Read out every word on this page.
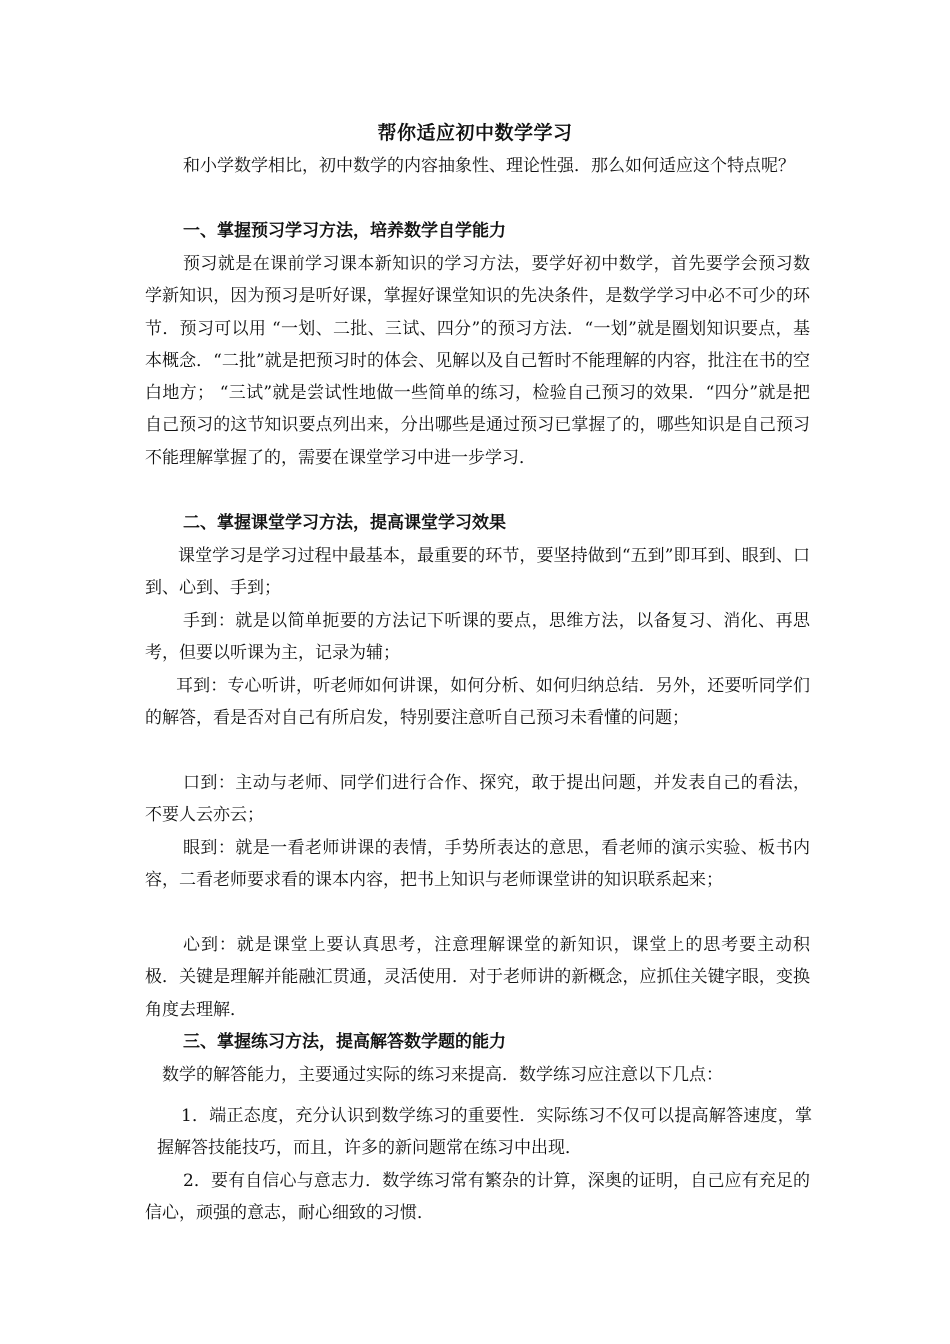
帮你适应初中数学学习

和小学数学相比，初中数学的内容抽象性、理论性强．那么如何适应这个特点呢？

一、掌握预习学习方法，培养数学自学能力

预习就是在课前学习课本新知识的学习方法，要学好初中数学，首先要学会预习数学新知识，因为预习是听好课，掌握好课堂知识的先决条件，是数学学习中必不可少的环节．预习可以用 “一划、二批、三试、四分”的预习方法．“一划”就是圈划知识要点，基本概念．“二批”就是把预习时的体会、见解以及自己暂时不能理解的内容，批注在书的空白地方； “三试”就是尝试性地做一些简单的练习，检验自己预习的效果．“四分”就是把自己预习的这节知识要点列出来，分出哪些是通过预习已掌握了的，哪些知识是自己预习不能理解掌握了的，需要在课堂学习中进一步学习．

二、掌握课堂学习方法，提高课堂学习效果

课堂学习是学习过程中最基本，最重要的环节，要坚持做到“五到”即耳到、眼到、口到、心到、手到；

手到：就是以简单扼要的方法记下听课的要点，思维方法，以备复习、消化、再思考，但要以听课为主，记录为辅；

耳到：专心听讲，听老师如何讲课，如何分析、如何归纳总结．另外，还要听同学们的解答，看是否对自己有所启发，特别要注意听自己预习未看懂的问题；

口到：主动与老师、同学们进行合作、探究，敢于提出问题，并发表自己的看法，不要人云亦云；

眼到：就是一看老师讲课的表情，手势所表达的意思，看老师的演示实验、板书内容，二看老师要求看的课本内容，把书上知识与老师课堂讲的知识联系起来；

心到：就是课堂上要认真思考，注意理解课堂的新知识，课堂上的思考要主动积极．关键是理解并能融汇贯通，灵活使用．对于老师讲的新概念，应抓住关键字眼，变换角度去理解．

三、掌握练习方法，提高解答数学题的能力

数学的解答能力，主要通过实际的练习来提高．数学练习应注意以下几点：

1．端正态度，充分认识到数学练习的重要性．实际练习不仅可以提高解答速度，掌握解答技能技巧，而且，许多的新问题常在练习中出现．

2．要有自信心与意志力．数学练习常有繁杂的计算，深奥的证明，自己应有充足的信心，顽强的意志，耐心细致的习惯．
